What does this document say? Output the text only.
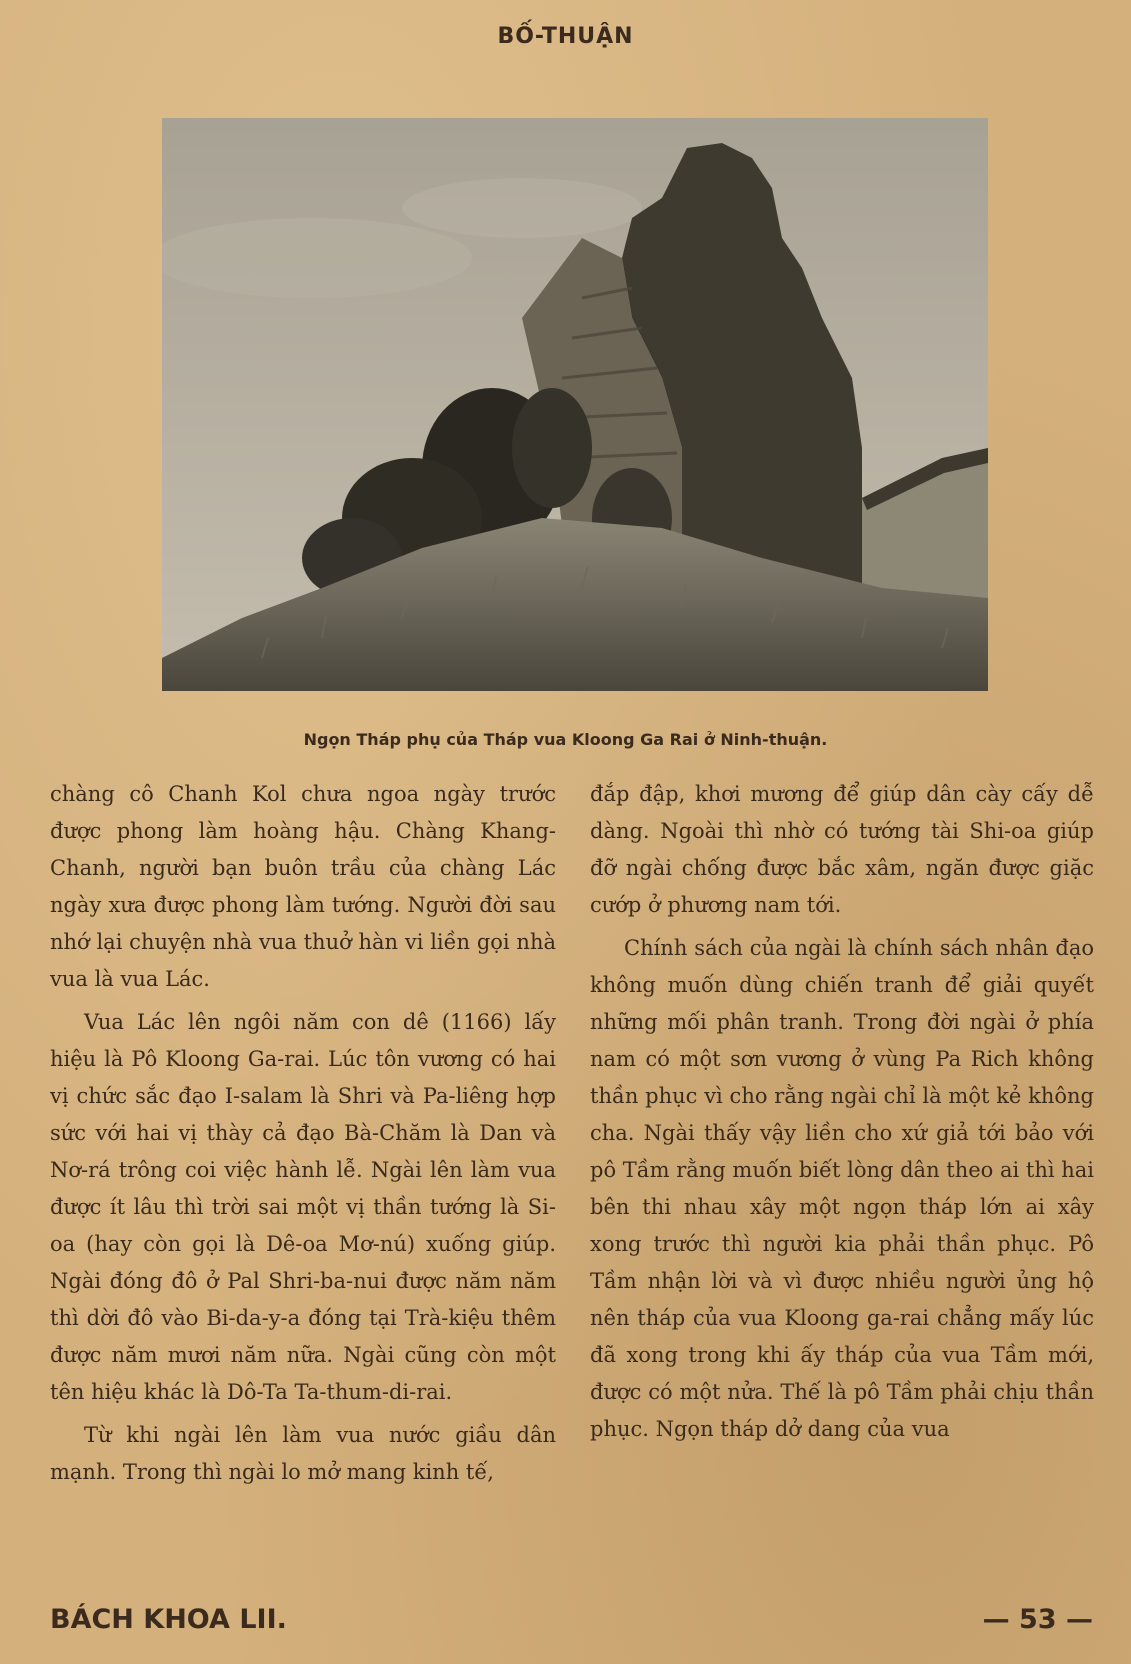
BỐ-THUẬN
Ngọn Tháp phụ của Tháp vua Kloong Ga Rai ở Ninh-thuận.

chàng cô Chanh Kol chưa ngoa ngày trước được phong làm hoàng hậu. Chàng Khang-Chanh, người bạn buôn trầu của chàng Lác ngày xưa được phong làm tướng. Người đời sau nhớ lại chuyện nhà vua thuở hàn vi liền gọi nhà vua là vua Lác.

Vua Lác lên ngôi năm con dê (1166) lấy hiệu là Pô Kloong Ga-rai. Lúc tôn vương có hai vị chức sắc đạo I-salam là Shri và Pa-liêng hợp sức với hai vị thày cả đạo Bà-Chăm là Dan và Nơ-rá trông coi việc hành lễ. Ngài lên làm vua được ít lâu thì trời sai một vị thần tướng là Si-oa (hay còn gọi là Dê-oa Mơ-nú) xuống giúp. Ngài đóng đô ở Pal Shri-ba-nui được năm năm thì dời đô vào Bi-da-y-a đóng tại Trà-kiệu thêm được năm mươi năm nữa. Ngài cũng còn một tên hiệu khác là Dô-Ta Ta-thum-di-rai.

Từ khi ngài lên làm vua nước giầu dân mạnh. Trong thì ngài lo mở mang kinh tế,

đắp đập, khơi mương để giúp dân cày cấy dễ dàng. Ngoài thì nhờ có tướng tài Shi-oa giúp đỡ ngài chống được bắc xâm, ngăn được giặc cướp ở phương nam tới.

Chính sách của ngài là chính sách nhân đạo không muốn dùng chiến tranh để giải quyết những mối phân tranh. Trong đời ngài ở phía nam có một sơn vương ở vùng Pa Rich không thần phục vì cho rằng ngài chỉ là một kẻ không cha. Ngài thấy vậy liền cho xứ giả tới bảo với pô Tầm rằng muốn biết lòng dân theo ai thì hai bên thi nhau xây một ngọn tháp lớn ai xây xong trước thì người kia phải thần phục. Pô Tầm nhận lời và vì được nhiều người ủng hộ nên tháp của vua Kloong ga-rai chẳng mấy lúc đã xong trong khi ấy tháp của vua Tầm mới, được có một nửa. Thế là pô Tầm phải chịu thần phục. Ngọn tháp dở dang của vua

BÁCH KHOA LII.	— 53 —
